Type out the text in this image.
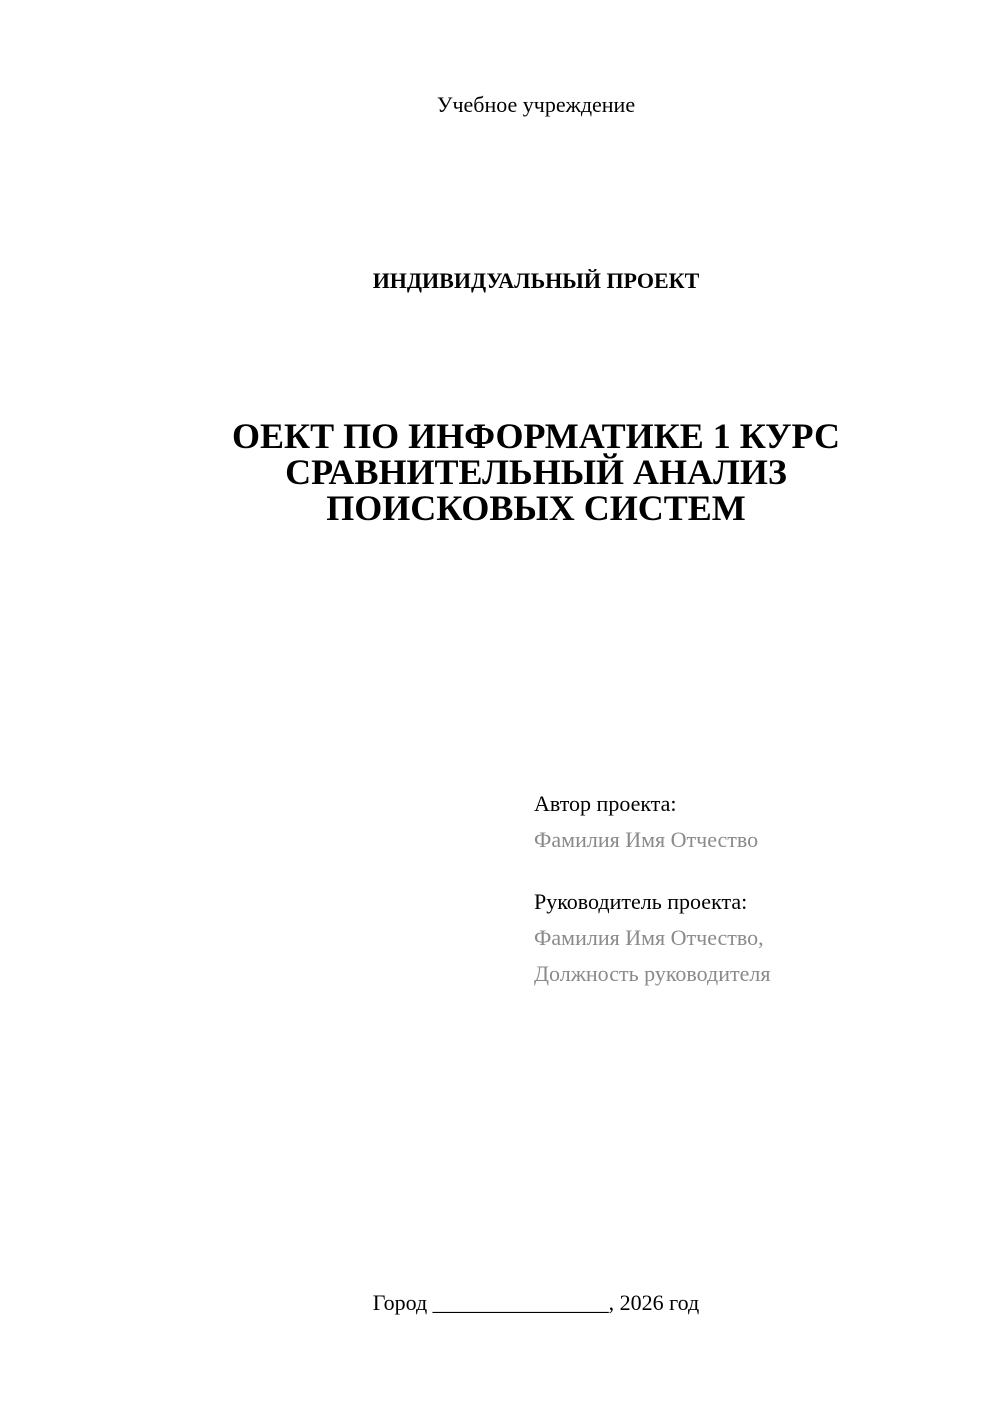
Учебное учреждение
ИНДИВИДУАЛЬНЫЙ ПРОЕКТ
ОЕКТ ПО ИНФОРМАТИКЕ 1 КУРС
СРАВНИТЕЛЬНЫЙ АНАЛИЗ
ПОИСКОВЫХ СИСТЕМ
Автор проекта:
Фамилия Имя Отчество
Руководитель проекта:
Фамилия Имя Отчество,
Должность руководителя
Город ________________, 2026 год
